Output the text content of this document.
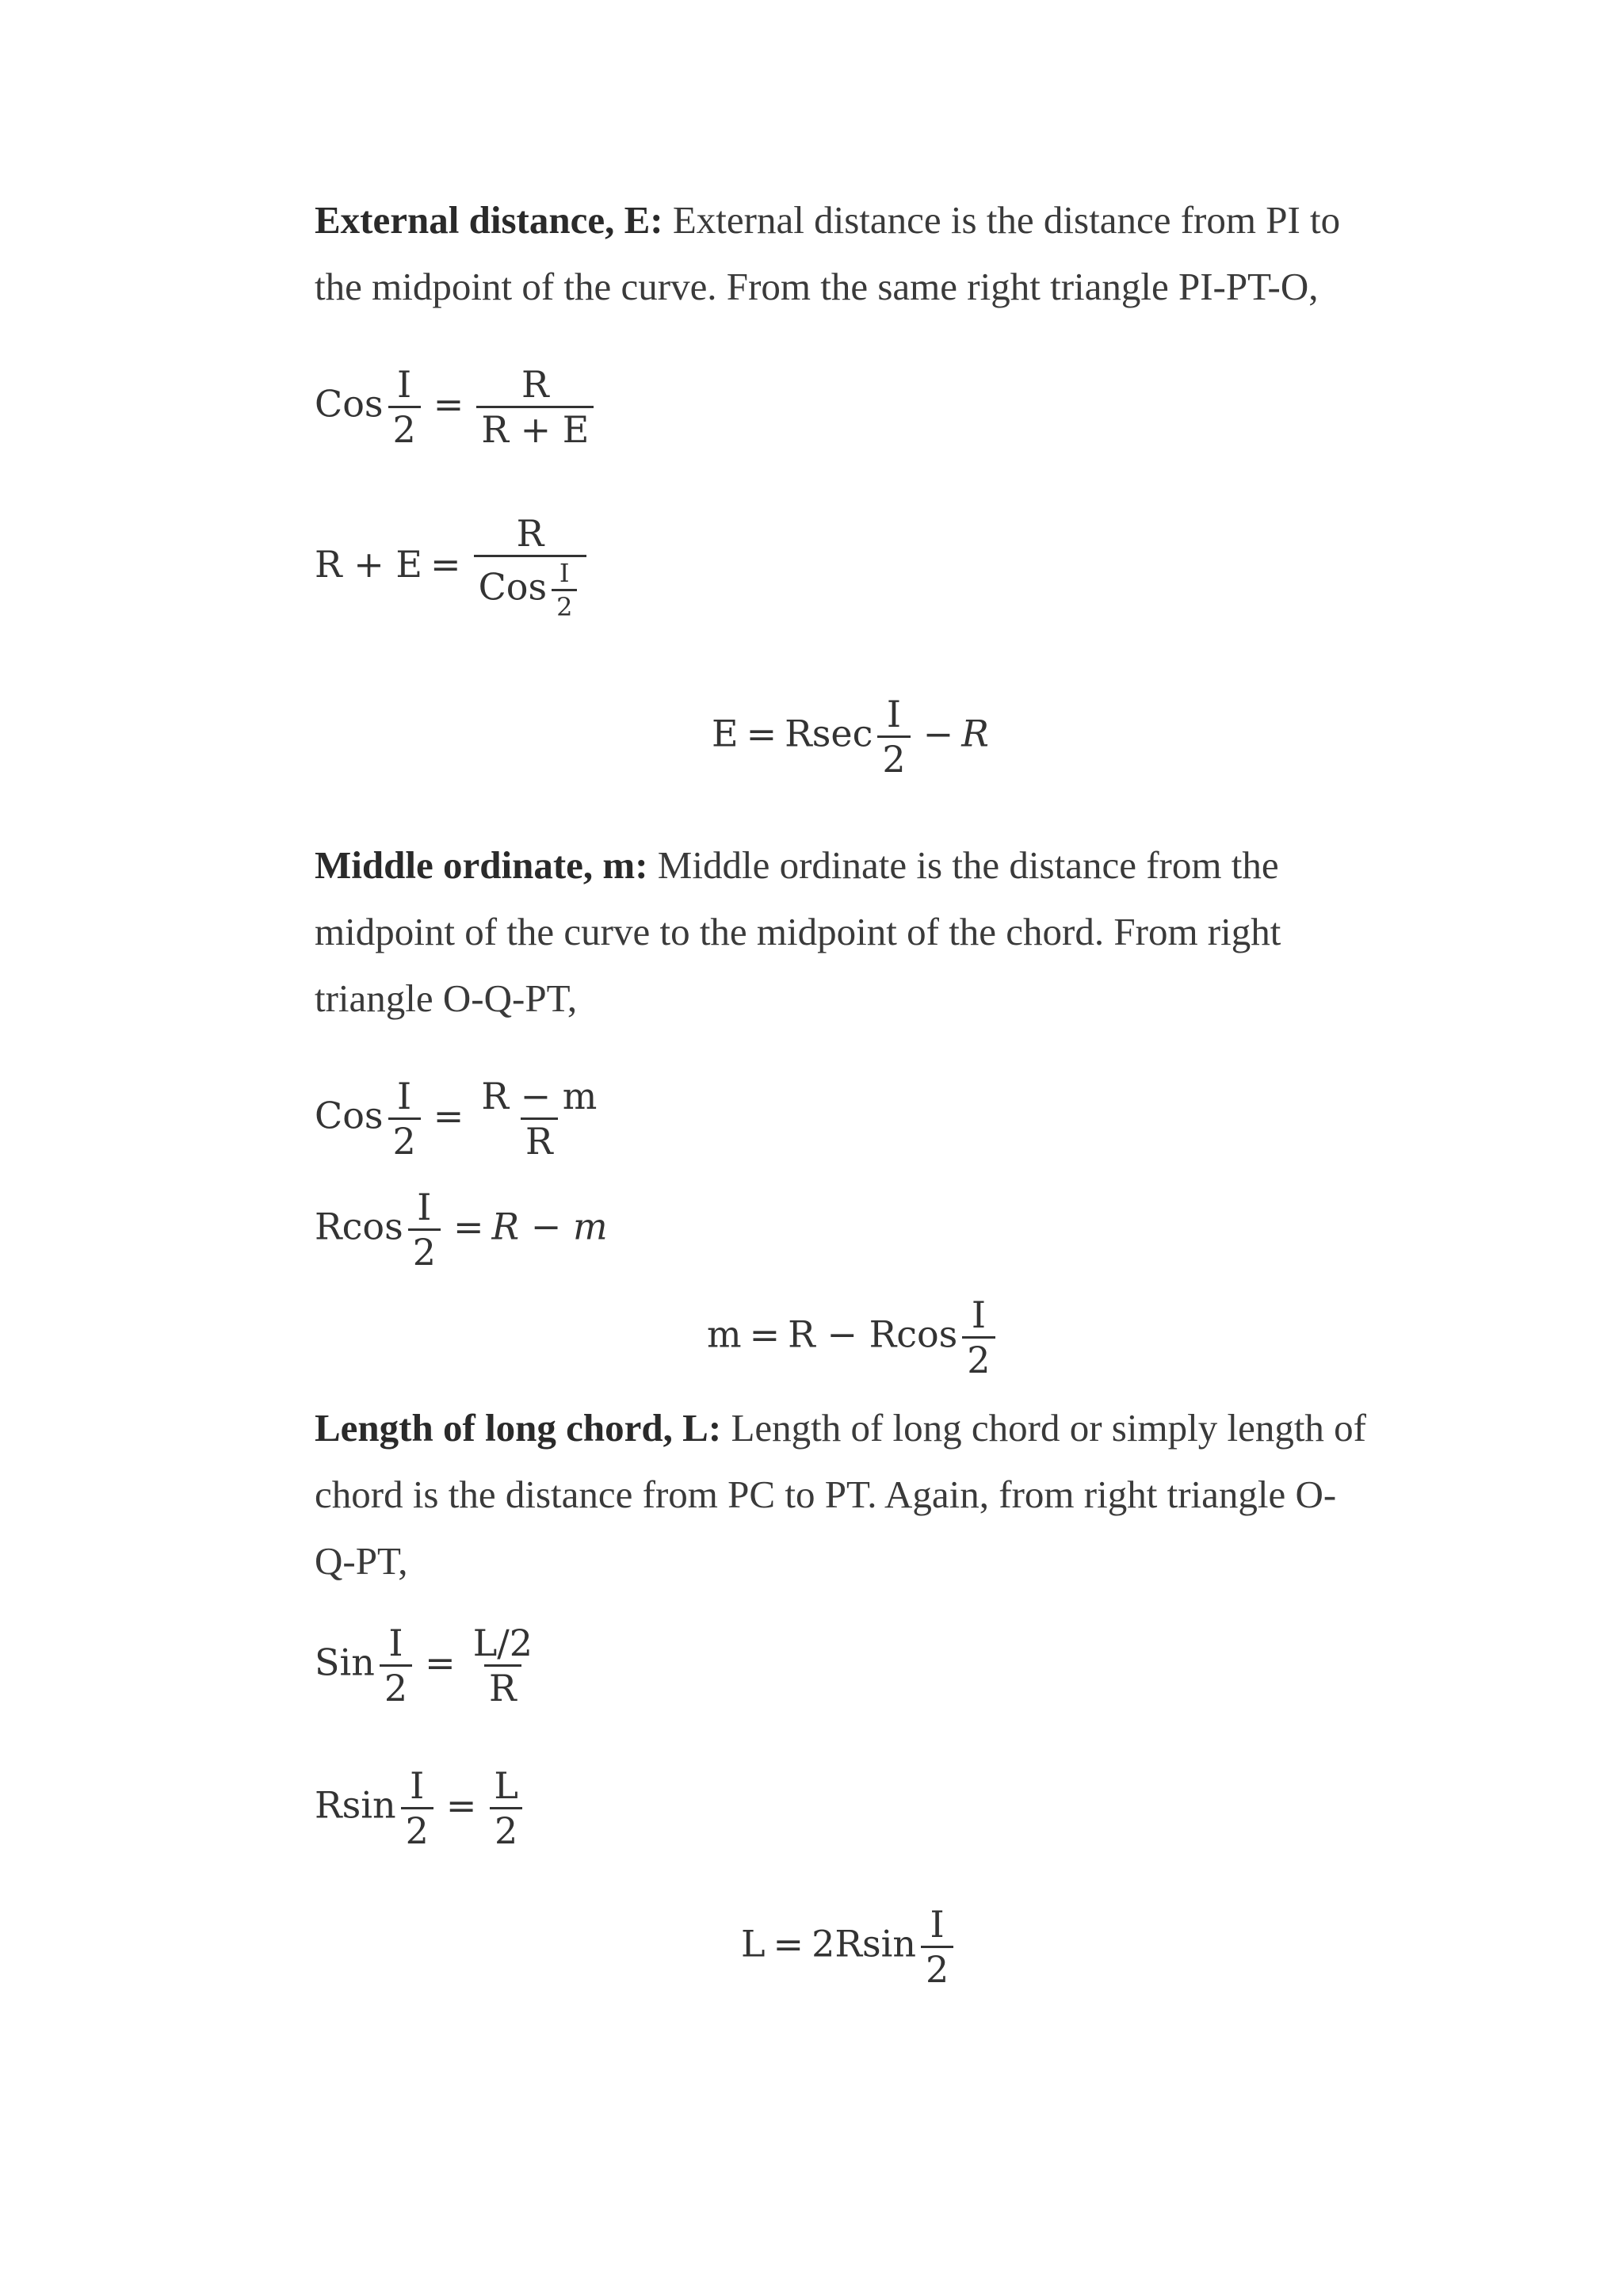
External distance, E: External distance is the distance from PI to the midpoint of the curve. From the same right triangle PI-PT-O,
Cos $\frac{I}{2} = \frac{R}{R + E}$
$R + E = \frac{R}{Cos \frac{I}{2}}$
E = Rsec $\frac{I}{2} - R$
Middle ordinate, m: Middle ordinate is the distance from the midpoint of the curve to the midpoint of the chord. From right triangle O-Q-PT,
Cos $\frac{I}{2} = \frac{R - m}{R}$
Rcos $\frac{I}{2} = R - m$
m = R − Rcos $\frac{I}{2}$
Length of long chord, L: Length of long chord or simply length of chord is the distance from PC to PT. Again, from right triangle O-Q-PT,
Sin $\frac{I}{2} = \frac{L/2}{R}$
Rsin $\frac{I}{2} = \frac{L}{2}$
$L = 2Rsin \frac{I}{2}$
